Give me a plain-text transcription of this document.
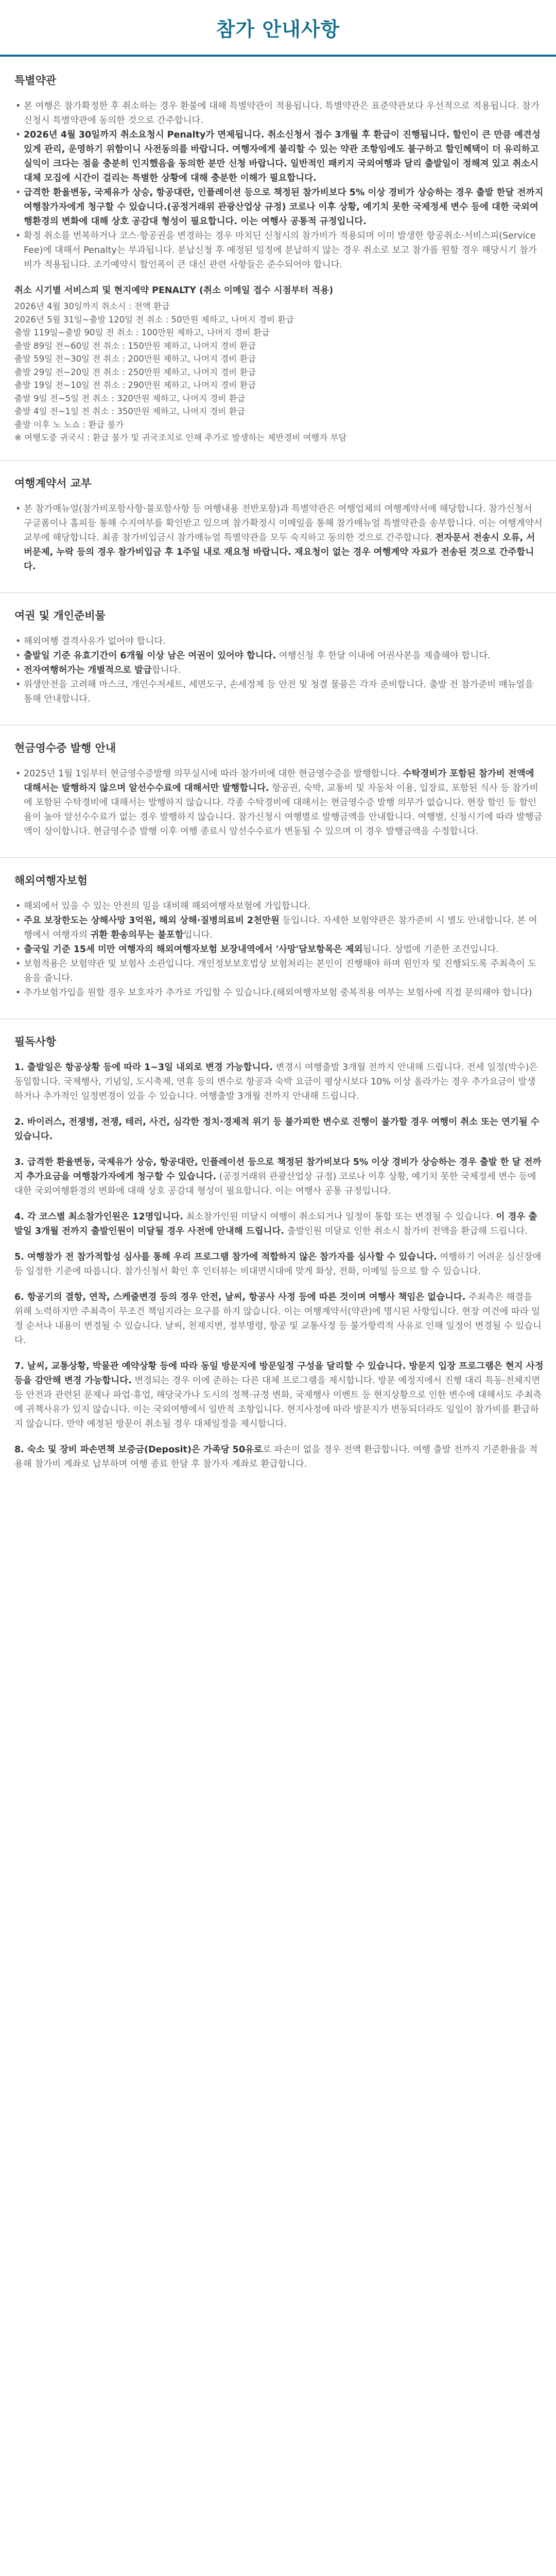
참가 안내사항
특별약관
• 본 여행은 참가확정한 후 취소하는 경우 환불에 대해 특별약관이 적용됩니다. 특별약관은 표준약관보다 우선적으로 적용됩니다. 참가신청시 특별약관에 동의한 것으로 간주합니다.
• 2026년 4월 30일까지 취소요청시 Penalty가 면제됩니다. 취소신청서 접수 3개월 후 환급이 진행됩니다. 할인이 큰 만큼 예견성 있게 관리, 운영하기 위함이니 사전동의를 바랍니다. 여행자에게 불리할 수 있는 약관 조항임에도 불구하고 할인혜택이 더 유리하고 실익이 크다는 점을 충분히 인지했음을 동의한 분만 신청 바랍니다. 일반적인 패키지 국외여행과 달리 출발일이 정해져 있고 취소시 대체 모집에 시간이 걸리는 특별한 상황에 대해 충분한 이해가 필요합니다.
• 급격한 환율변동, 국제유가 상승, 항공대란, 인플레이션 등으로 책정된 참가비보다 5% 이상 경비가 상승하는 경우 출발 한달 전까지 여행참가자에게 청구할 수 있습니다.(공정거래위 관광산업상 규정) 코로나 이후 상황, 예기치 못한 국제정세 변수 등에 대한 국외여행환경의 변화에 대해 상호 공감대 형성이 필요합니다. 이는 여행사 공통적 규정입니다.
• 확정 취소를 번복하거나 코스·항공권을 변경하는 경우 마치딘 신청시의 참가비가 적용되며 이미 발생한 항공취소·서비스피(Service Fee)에 대해서 Penalty는 부과됩니다. 분납신청 후 예정된 일정에 분납하지 않는 경우 취소로 보고 참가를 원할 경우 해당시기 참가비가 적용됩니다. 조기예약시 할인폭이 큰 대신 관련 사항들은 준수되어야 합니다.
취소 시기별 서비스피 및 현지예약 PENALTY (취소 이메일 접수 시점부터 적용)
2026년 4월 30일까지 취소시 : 전액 환급
2026년 5월 31일~출발 120일 전 취소 : 50만원 제하고, 나머지 경비 환급
출발 119일~출발 90일 전 취소 : 100만원 제하고, 나머지 경비 환급
출발 89일 전~60일 전 취소 : 150만원 제하고, 나머지 경비 환급
출발 59일 전~30일 전 취소 : 200만원 제하고, 나머지 경비 환급
출발 29일 전~20일 전 취소 : 250만원 제하고, 나머지 경비 환급
출발 19일 전~10일 전 취소 : 290만원 제하고, 나머지 경비 환급
출발 9일 전~5일 전 취소 : 320만원 제하고, 나머지 경비 환급
출발 4일 전~1일 전 취소 : 350만원 제하고, 나머지 경비 환급
출발 이후 노 노쇼 : 환급 불가
※ 여행도중 귀국시 : 환급 불가 및 귀국조치로 인해 추가로 발생하는 제반경비 여행자 부담
여행계약서 교부
• 본 참가매뉴얼(참가비포함사항·불포함사항 등 여행내용 전반포함)과 특별약관은 여행업체의 여행계약서에 해당합니다. 참가신청서 구글폼이나 홈피등 통해 수지여부를 확인받고 있으며 참가확정시 이메일을 통해 참가매뉴얼 특별약관을 송부합니다. 이는 여행계약서 교부에 해당합니다. 최종 참가비입금시 참가매뉴얼 특별약관을 모두 숙지하고 동의한 것으로 간주합니다. 전자문서 전송시 오류, 서버문제, 누락 등의 경우 참가비입금 후 1주일 내로 재요청 바랍니다. 재요청이 없는 경우 여행계약 자료가 전송된 것으로 간주합니다.
여권 및 개인준비물
• 해외여행 결격사유가 없어야 합니다.
• 출발일 기준 유효기간이 6개월 이상 남은 여권이 있어야 합니다. 여행신청 후 한달 이내에 여권사본을 제출해야 합니다.
• 전자여행허가는 개별적으로 발급합니다.
• 위생안전을 고려해 마스크, 개인수저세트, 세면도구, 손세정제 등 안전 및 청결 물품은 각자 준비합니다. 출발 전 참가준비 매뉴얼을 통해 안내합니다.
현금영수증 발행 안내
• 2025년 1월 1일부터 현금영수증발행 의무실시에 따라 참가비에 대한 현금영수증을 발행합니다. 수탁경비가 포함된 참가비 전액에 대해서는 발행하지 않으며 알선수수료에 대해서만 발행합니다. 항공권, 숙박, 교통비 및 자동차 이용, 입장료, 포함된 식사 등 참가비에 포함된 수탁경비에 대해서는 발행하지 않습니다. 각종 수탁경비에 대해서는 현금영수증 발행 의무가 없습니다. 현장 할인 등 할인율이 높아 알선수수료가 없는 경우 발행하지 않습니다. 참가신청시 여행별로 발행금액을 안내합니다. 여행별, 신청시기에 따라 발행금액이 상이합니다. 현금영수증 발행 이후 여행 종료시 알선수수료가 변동될 수 있으며 이 경우 발행금액을 수정합니다.
해외여행자보험
• 해외에서 있을 수 있는 안전의 일을 대비해 해외여행자보험에 가입합니다.
• 주요 보장한도는 상해사망 3억원, 해외 상해·질병의료비 2천만원 등입니다. 자세한 보험약관은 참가준비 시 별도 안내합니다. 본 여행에서 여행자의 귀환 환송의무는 불포함입니다.
• 출국일 기준 15세 미만 여행자의 해외여행자보험 보장내역에서 '사망'담보항목은 제외됩니다. 상법에 기준한 조건입니다.
• 보험적용은 보험약관 및 보험사 소관입니다. 개인정보보호법상 보험처리는 본인이 진행해야 하며 원인자 및 진행되도록 주최측이 도움을 줍니다.
• 추가보험가입을 원할 경우 보호자가 추가로 가입할 수 있습니다.(해외여행자보험 중복적용 여부는 보험사에 직접 문의해야 합니다)
필독사항
1. 출발일은 항공상황 등에 따라 1~3일 내외로 변경 가능합니다. 변경시 여행출발 3개월 전까지 안내해 드립니다. 전세 일정(박수)은 동일합니다. 국제행사, 기념일, 도시축제, 연휴 등의 변수로 항공과 숙박 요금이 평상시보다 10% 이상 올라가는 경우 추가요금이 발생하거나 추가적인 일정변경이 있을 수 있습니다. 여행출발 3개월 전까지 안내해 드립니다.
2. 바이러스, 전쟁병, 전쟁, 테러, 사건, 심각한 정치·경제적 위기 등 불가피한 변수로 진행이 불가할 경우 여행이 취소 또는 연기될 수 있습니다.
3. 급격한 환율변동, 국제유가 상승, 항공대란, 인플레이션 등으로 책정된 참가비보다 5% 이상 경비가 상승하는 경우 출발 한 달 전까지 추가요금을 여행참가자에게 청구할 수 있습니다. (공정거래위 관광산업상 규정) 코로나 이후 상황, 예기치 못한 국제정세 변수 등에 대한 국외여행환경의 변화에 대해 상호 공감대 형성이 필요합니다. 이는 여행사 공통 규정입니다.
4. 각 코스별 최소참가인원은 12명입니다. 최소참가인원 미달시 여행이 취소되거나 일정이 통합 또는 변경될 수 있습니다. 이 경우 출발일 3개월 전까지 출발인원이 미달될 경우 사전에 안내해 드립니다. 출발인원 미달로 인한 취소시 참가비 전액을 환급해 드립니다.
5. 여행참가 전 참가적합성 심사를 통해 우리 프로그램 참가에 적합하지 않은 참가자를 심사할 수 있습니다. 여행하기 어려운 심신장애 등 일정한 기준에 따릅니다. 참가신청서 확인 후 인터뷰는 비대면시대에 맞게 화상, 전화, 이메일 등으로 할 수 있습니다.
6. 항공기의 결항, 연착, 스케줄변경 등의 경우 안전, 날씨, 항공사 사정 등에 따른 것이며 여행사 책임은 없습니다. 주최측은 해결을 위해 노력하지만 주최측이 무조건 책임지라는 요구를 하지 않습니다. 이는 여행계약서(약관)에 명시된 사항입니다. 현장 여건에 따라 일정 순서나 내용이 변경될 수 있습니다. 날씨, 천재지변, 정부명령, 항공 및 교통사정 등 불가항력적 사유로 인해 일정이 변경될 수 있습니다.
7. 날씨, 교통상황, 박물관 예약상황 등에 따라 동일 방문지에 방문일정 구성을 달리할 수 있습니다. 방문지 입장 프로그램은 현지 사정 등을 감안해 변경 가능합니다. 변경되는 경우 이에 준하는 다른 대체 프로그램을 제시합니다. 방문 예정지에서 진행 대리 특동·전체지면 등 안전과 관련된 문제나 파업·휴업, 해당국가나 도시의 정책·규정 변화, 국제행사 이벤트 등 현지상황으로 인한 변수에 대해서도 주최측에 귀책사유가 있지 않습니다. 이는 국외여행에서 일반적 조항입니다. 현지사정에 따라 방문지가 변동되더라도 일일이 참가비를 환급하지 않습니다. 만약 예정된 방문이 취소될 경우 대체일정을 제시합니다.
8. 숙소 및 장비 파손면책 보증금(Deposit)은 가족당 50유로로 파손이 없을 경우 전액 환급합니다. 여행 출발 전까지 기준환율을 적용해 참가비 계좌로 납부하며 여행 종료 한달 후 참가자 계좌로 환급합니다.
